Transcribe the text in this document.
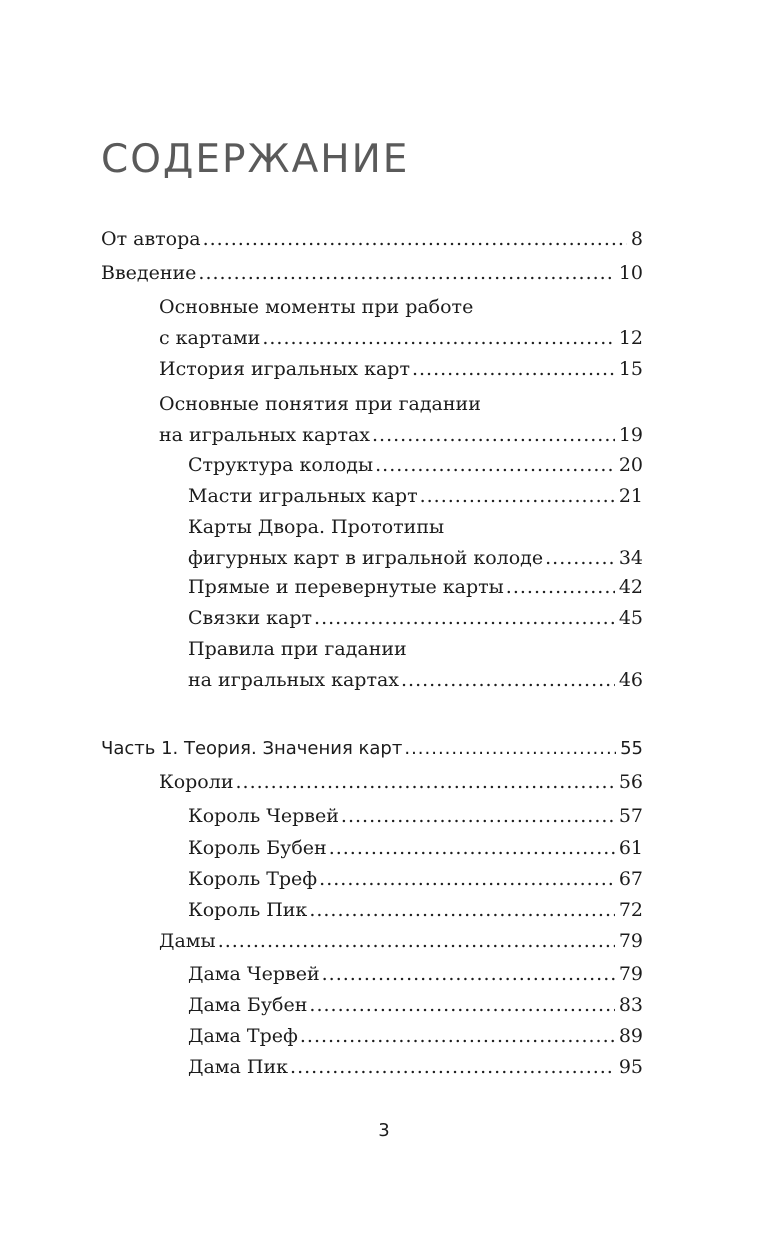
СОДЕРЖАНИЕ
От автора .....	8
Введение .....	10
Основные моменты при работе
с картами .....	12
История игральных карт .....	15
Основные понятия при гадании
на игральных картах .....	19
Структура колоды .....	20
Масти игральных карт .....	21
Карты Двора. Прототипы
фигурных карт в игральной колоде .....	34
Прямые и перевернутые карты .....	42
Связки карт .....	45
Правила при гадании
на игральных картах .....	46
Часть 1. Теория. Значения карт .....	55
Короли .....	56
Король Червей .....	57
Король Бубен .....	61
Король Треф .....	67
Король Пик .....	72
Дамы .....	79
Дама Червей .....	79
Дама Бубен .....	83
Дама Треф .....	89
Дама Пик .....	95
3
